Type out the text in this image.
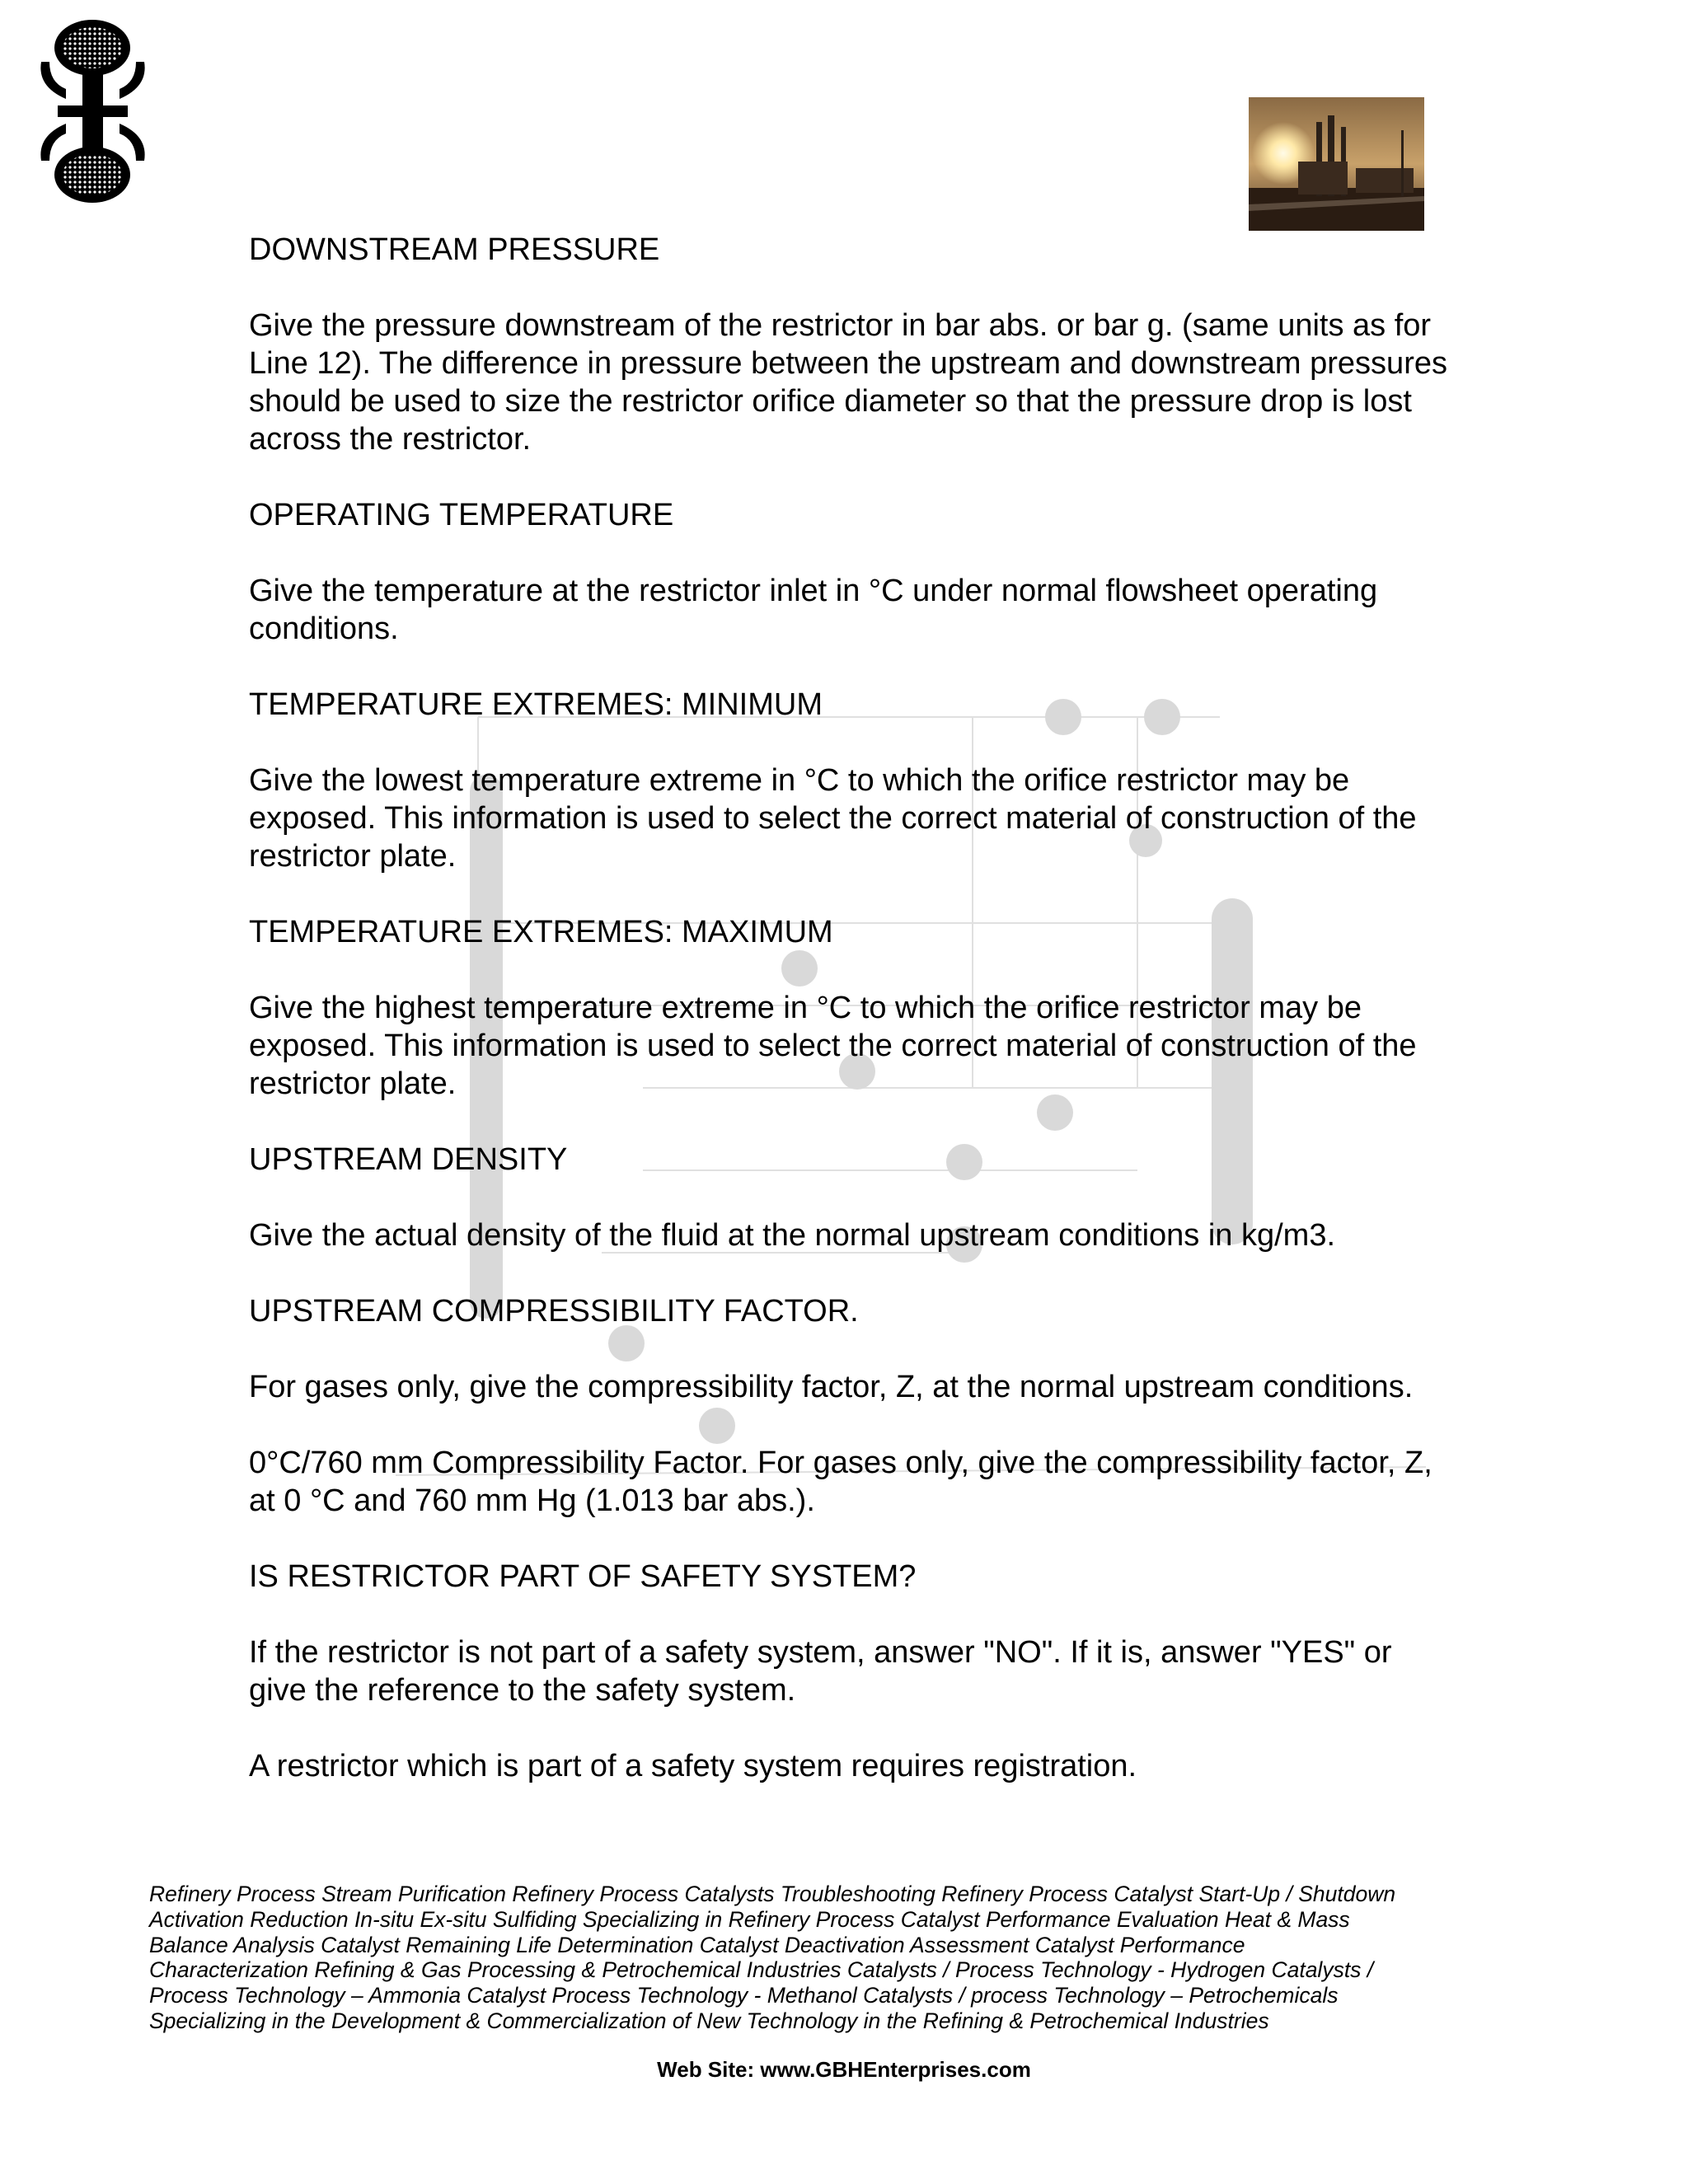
DOWNSTREAM PRESSURE

Give the pressure downstream of the restrictor in bar abs. or bar g. (same units as for Line 12). The difference in pressure between the upstream and downstream pressures should be used to size the restrictor orifice diameter so that the pressure drop is lost across the restrictor.

OPERATING TEMPERATURE

Give the temperature at the restrictor inlet in °C under normal flowsheet operating conditions.

TEMPERATURE EXTREMES: MINIMUM

Give the lowest temperature extreme in °C to which the orifice restrictor may be exposed. This information is used to select the correct material of construction of the restrictor plate.

TEMPERATURE EXTREMES: MAXIMUM

Give the highest temperature extreme in °C to which the orifice restrictor may be exposed. This information is used to select the correct material of construction of the restrictor plate.

UPSTREAM DENSITY

Give the actual density of the fluid at the normal upstream conditions in kg/m3.

UPSTREAM COMPRESSIBILITY FACTOR.

For gases only, give the compressibility factor, Z, at the normal upstream conditions.

0°C/760 mm Compressibility Factor. For gases only, give the compressibility factor, Z, at 0 °C and 760 mm Hg (1.013 bar abs.).

IS RESTRICTOR PART OF SAFETY SYSTEM?

If the restrictor is not part of a safety system, answer "NO". If it is, answer "YES" or give the reference to the safety system.

A restrictor which is part of a safety system requires registration.

Refinery Process Stream Purification Refinery Process Catalysts Troubleshooting Refinery Process Catalyst Start-Up / Shutdown
Activation Reduction In-situ Ex-situ Sulfiding Specializing in Refinery Process Catalyst Performance Evaluation Heat & Mass
Balance Analysis Catalyst Remaining Life Determination Catalyst Deactivation Assessment Catalyst Performance
Characterization Refining & Gas Processing & Petrochemical Industries Catalysts / Process Technology - Hydrogen Catalysts /
Process Technology – Ammonia Catalyst Process Technology - Methanol Catalysts / process Technology – Petrochemicals
Specializing in the Development & Commercialization of New Technology in the Refining & Petrochemical Industries
Web Site: www.GBHEnterprises.com
